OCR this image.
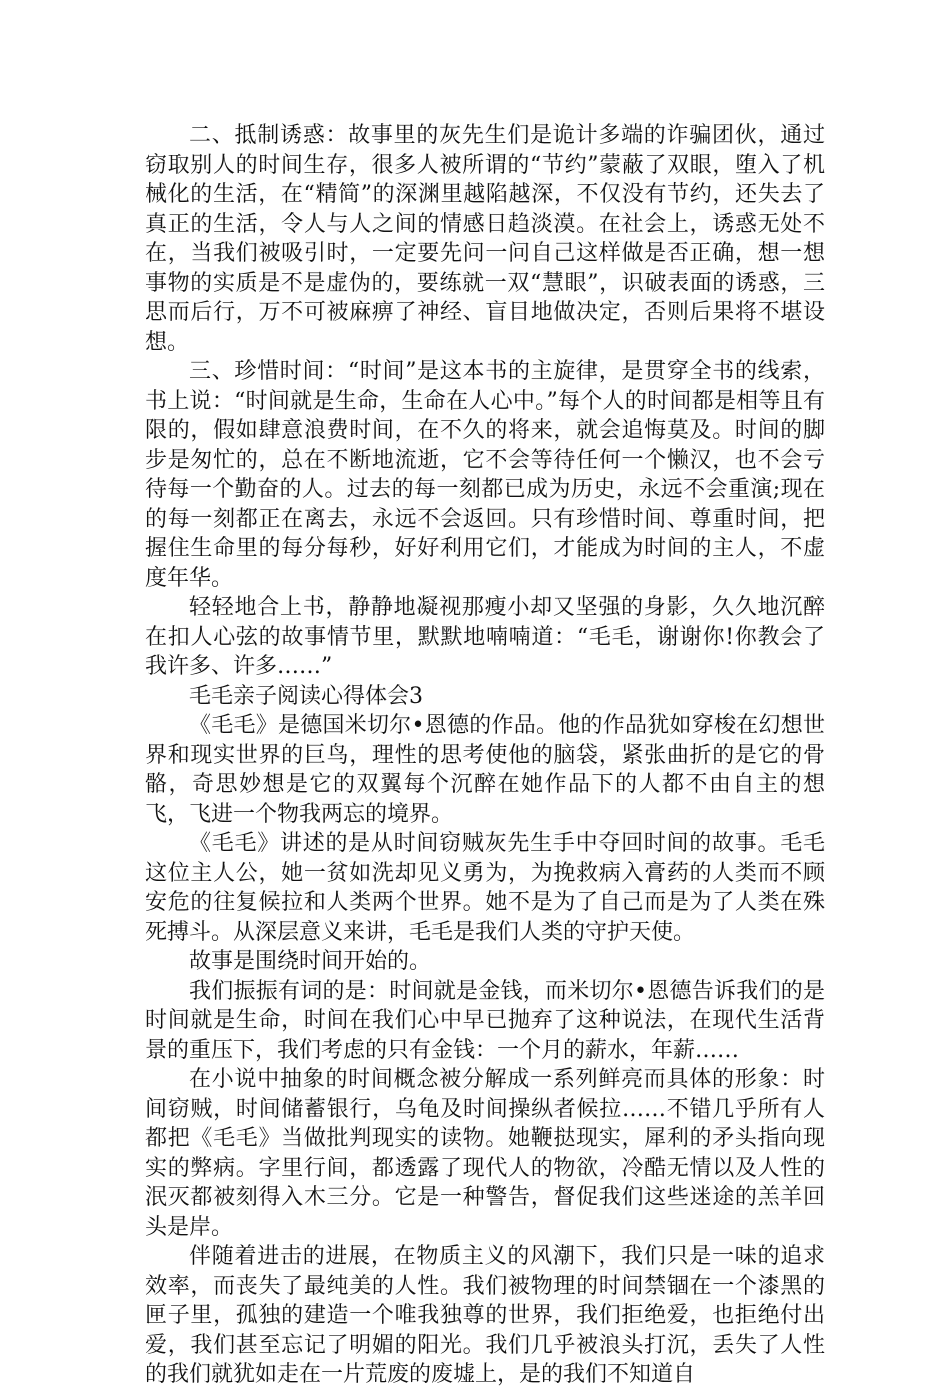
二、抵制诱惑：故事里的灰先生们是诡计多端的诈骗团伙，通过窃取别人的时间生存，很多人被所谓的“节约”蒙蔽了双眼，堕入了机械化的生活，在“精简”的深渊里越陷越深，不仅没有节约，还失去了真正的生活，令人与人之间的情感日趋淡漠。在社会上，诱惑无处不在，当我们被吸引时，一定要先问一问自己这样做是否正确，想一想事物的实质是不是虚伪的，要练就一双“慧眼”，识破表面的诱惑，三思而后行，万不可被麻痹了神经、盲目地做决定，否则后果将不堪设想。

三、珍惜时间：“时间”是这本书的主旋律，是贯穿全书的线索，书上说：“时间就是生命，生命在人心中。”每个人的时间都是相等且有限的，假如肆意浪费时间，在不久的将来，就会追悔莫及。时间的脚步是匆忙的，总在不断地流逝，它不会等待任何一个懒汉，也不会亏待每一个勤奋的人。过去的每一刻都已成为历史，永远不会重演;现在的每一刻都正在离去，永远不会返回。只有珍惜时间、尊重时间，把握住生命里的每分每秒，好好利用它们，才能成为时间的主人，不虚度年华。

轻轻地合上书，静静地凝视那瘦小却又坚强的身影，久久地沉醉在扣人心弦的故事情节里，默默地喃喃道：“毛毛，谢谢你!你教会了我许多、许多……”

毛毛亲子阅读心得体会3

《毛毛》是德国米切尔•恩德的作品。他的作品犹如穿梭在幻想世界和现实世界的巨鸟，理性的思考使他的脑袋，紧张曲折的是它的骨骼，奇思妙想是它的双翼每个沉醉在她作品下的人都不由自主的想飞，飞进一个物我两忘的境界。

《毛毛》讲述的是从时间窃贼灰先生手中夺回时间的故事。毛毛这位主人公，她一贫如洗却见义勇为，为挽救病入膏药的人类而不顾安危的往复候拉和人类两个世界。她不是为了自己而是为了人类在殊死搏斗。从深层意义来讲，毛毛是我们人类的守护天使。

故事是围绕时间开始的。

我们振振有词的是：时间就是金钱，而米切尔•恩德告诉我们的是时间就是生命，时间在我们心中早已抛弃了这种说法，在现代生活背景的重压下，我们考虑的只有金钱：一个月的薪水，年薪……

在小说中抽象的时间概念被分解成一系列鲜亮而具体的形象：时间窃贼，时间储蓄银行，乌龟及时间操纵者候拉……不错几乎所有人都把《毛毛》当做批判现实的读物。她鞭挞现实，犀利的矛头指向现实的弊病。字里行间，都透露了现代人的物欲，冷酷无情以及人性的泯灭都被刻得入木三分。它是一种警告，督促我们这些迷途的羔羊回头是岸。

伴随着进击的进展，在物质主义的风潮下，我们只是一味的追求效率，而丧失了最纯美的人性。我们被物理的时间禁锢在一个漆黑的匣子里，孤独的建造一个唯我独尊的世界，我们拒绝爱，也拒绝付出爱，我们甚至忘记了明媚的阳光。我们几乎被浪头打沉，丢失了人性的我们就犹如走在一片荒废的废墟上，是的我们不知道自
